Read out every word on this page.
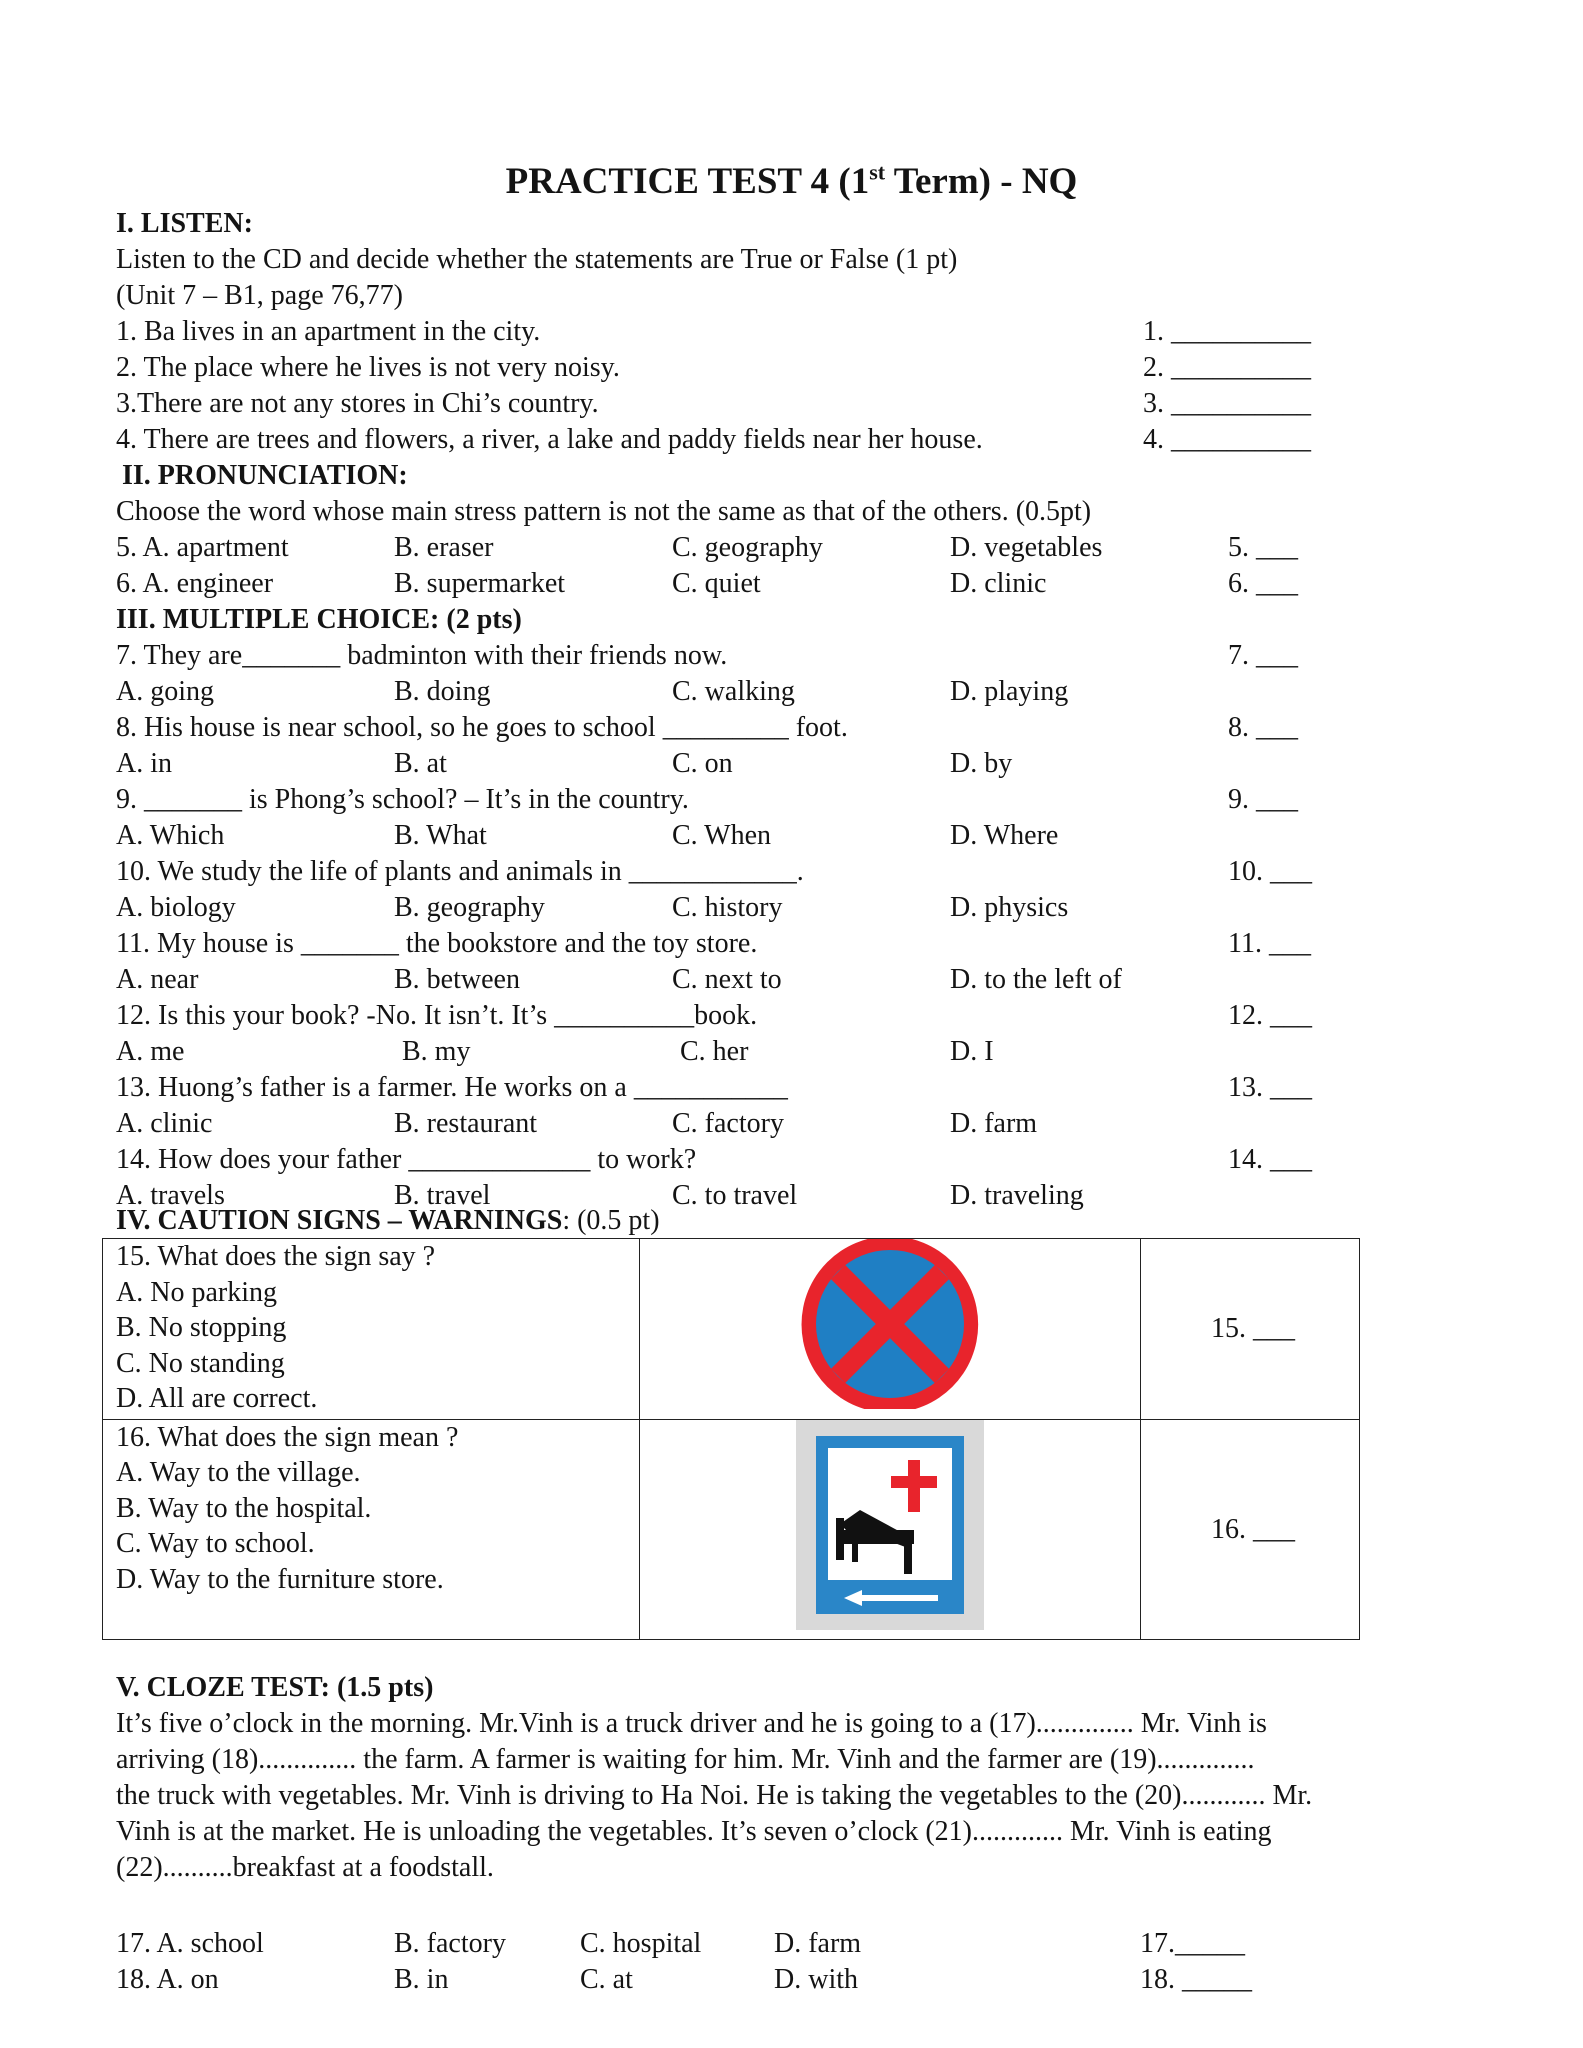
PRACTICE TEST 4 (1st Term) - NQ
I. LISTEN:
Listen to the CD and decide whether the statements are True or False (1 pt)
(Unit 7 – B1, page 76,77)
1. Ba lives in an apartment in the city.	1. __________
2. The place where he lives is not very noisy.	2. __________
3.There are not any stores in Chi’s country.	3. __________
4. There are trees and flowers, a river, a lake and paddy fields near her house.	4. __________
II. PRONUNCIATION:
Choose the word whose main stress pattern is not the same as that of the others. (0.5pt)
5. A. apartment	B. eraser	C. geography	D. vegetables	5. ___
6. A. engineer	B. supermarket	C. quiet	D. clinic	6. ___
III. MULTIPLE CHOICE: (2 pts)
7. They are_______ badminton with their friends now.	7. ___
A. going	B. doing	C. walking	D. playing
8. His house is near school, so he goes to school _________ foot.	8. ___
A. in	B. at	C. on	D. by
9. _______ is Phong’s school? – It’s in the country.	9. ___
A. Which	B. What	C. When	D. Where
10. We study the life of plants and animals in ____________.	10. ___
A. biology	B. geography	C. history	D. physics
11. My house is _______ the bookstore and the toy store.	11. ___
A. near	B. between	C. next to	D. to the left of
12. Is this your book? -No. It isn’t. It’s __________book.	12. ___
A. me	B. my	C. her	D. I
13. Huong’s father is a farmer. He works on a ___________	13. ___
A. clinic	B. restaurant	C. factory	D. farm
14. How does your father _____________ to work?	14. ___
A. travels	B. travel	C. to travel	D. traveling
IV. CAUTION SIGNS – WARNINGS: (0.5 pt)
15. What does the sign say ?
A. No parking
B. No stopping
C. No standing
D. All are correct.		15. ___

16. What does the sign mean ?
A. Way to the village.
B. Way to the hospital.
C. Way to school.
D. Way to the furniture store.		16. ___
V. CLOZE TEST: (1.5 pts)

It’s five o’clock in the morning. Mr.Vinh is a truck driver and he is going to a (17).............. Mr. Vinh is

arriving (18).............. the farm. A farmer is waiting for him. Mr. Vinh and the farmer are (19)..............

the truck with vegetables. Mr. Vinh is driving to Ha Noi. He is taking the vegetables to the (20)............ Mr.

Vinh is at the market. He is unloading the vegetables. It’s seven o’clock (21)............. Mr. Vinh is eating

(22)..........breakfast at a foodstall.

17. A. school	B. factory	C. hospital	D. farm	17._____
18. A. on	B. in	C. at	D. with	18. _____
